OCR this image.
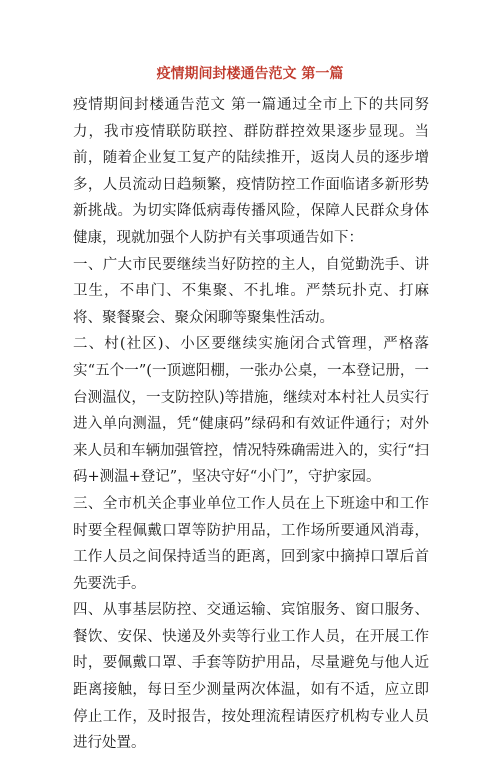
疫情期间封楼通告范文 第一篇

疫情期间封楼通告范文 第一篇通过全市上下的共同努力，我市疫情联防联控、群防群控效果逐步显现。当前，随着企业复工复产的陆续推开，返岗人员的逐步增多，人员流动日趋频繁，疫情防控工作面临诸多新形势新挑战。为切实降低病毒传播风险，保障人民群众身体健康，现就加强个人防护有关事项通告如下：

一、广大市民要继续当好防控的主人，自觉勤洗手、讲卫生，不串门、不集聚、不扎堆。严禁玩扑克、打麻将、聚餐聚会、聚众闲聊等聚集性活动。

二、村(社区)、小区要继续实施闭合式管理，严格落实“五个一”(一顶遮阳棚，一张办公桌，一本登记册，一台测温仪，一支防控队)等措施，继续对本村社人员实行进入单向测温，凭“健康码”绿码和有效证件通行；对外来人员和车辆加强管控，情况特殊确需进入的，实行“扫码+测温+登记”，坚决守好“小门”，守护家园。

三、全市机关企事业单位工作人员在上下班途中和工作时要全程佩戴口罩等防护用品，工作场所要通风消毒，工作人员之间保持适当的距离，回到家中摘掉口罩后首先要洗手。

四、从事基层防控、交通运输、宾馆服务、窗口服务、餐饮、安保、快递及外卖等行业工作人员，在开展工作时，要佩戴口罩、手套等防护用品，尽量避免与他人近距离接触，每日至少测量两次体温，如有不适，应立即停止工作，及时报告，按处理流程请医疗机构专业人员进行处置。
